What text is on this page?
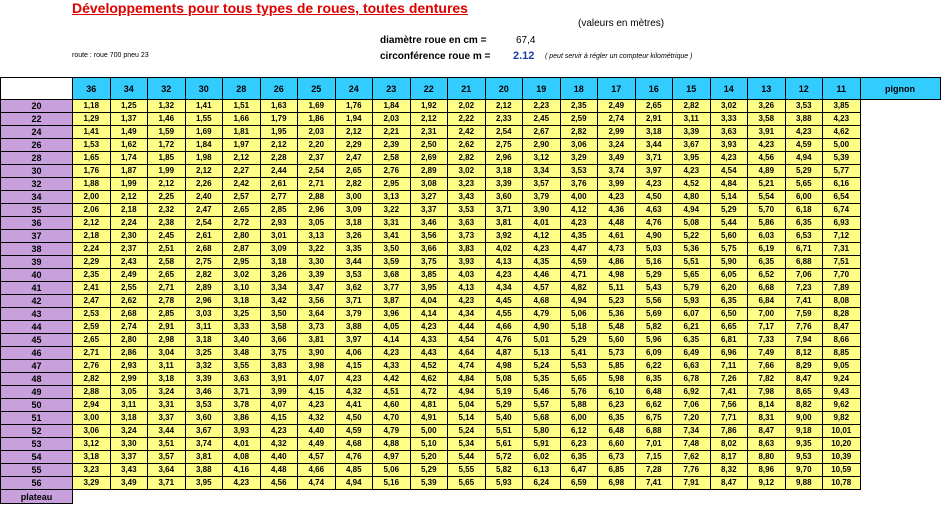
Développements pour tous types de roues, toutes dentures
(valeurs en mètres)
diamètre roue en cm =	67,4
route : roue 700 pneu 23	circonférence roue m = 2.12 ( peut servir à régler un compteur kilométrique )
	36	34	32	30	28	26	25	24	23	22	21	20	19	18	17	16	15	14	13	12	11	pignon
20	1,18	1,25	1,32	1,41	1,51	1,63	1,69	1,76	1,84	1,92	2,02	2,12	2,23	2,35	2,49	2,65	2,82	3,02	3,26	3,53	3,85	
22	1,29	1,37	1,46	1,55	1,66	1,79	1,86	1,94	2,03	2,12	2,22	2,33	2,45	2,59	2,74	2,91	3,11	3,33	3,58	3,88	4,23	
24	1,41	1,49	1,59	1,69	1,81	1,95	2,03	2,12	2,21	2,31	2,42	2,54	2,67	2,82	2,99	3,18	3,39	3,63	3,91	4,23	4,62	
26	1,53	1,62	1,72	1,84	1,97	2,12	2,20	2,29	2,39	2,50	2,62	2,75	2,90	3,06	3,24	3,44	3,67	3,93	4,23	4,59	5,00	
28	1,65	1,74	1,85	1,98	2,12	2,28	2,37	2,47	2,58	2,69	2,82	2,96	3,12	3,29	3,49	3,71	3,95	4,23	4,56	4,94	5,39	
30	1,76	1,87	1,99	2,12	2,27	2,44	2,54	2,65	2,76	2,89	3,02	3,18	3,34	3,53	3,74	3,97	4,23	4,54	4,89	5,29	5,77	
32	1,88	1,99	2,12	2,26	2,42	2,61	2,71	2,82	2,95	3,08	3,23	3,39	3,57	3,76	3,99	4,23	4,52	4,84	5,21	5,65	6,16	
34	2,00	2,12	2,25	2,40	2,57	2,77	2,88	3,00	3,13	3,27	3,43	3,60	3,79	4,00	4,23	4,50	4,80	5,14	5,54	6,00	6,54	
35	2,06	2,18	2,32	2,47	2,65	2,85	2,96	3,09	3,22	3,37	3,53	3,71	3,90	4,12	4,36	4,63	4,94	5,29	5,70	6,18	6,74	
36	2,12	2,24	2,38	2,54	2,72	2,93	3,05	3,18	3,31	3,46	3,63	3,81	4,01	4,23	4,48	4,76	5,08	5,44	5,86	6,35	6,93	
37	2,18	2,30	2,45	2,61	2,80	3,01	3,13	3,26	3,41	3,56	3,73	3,92	4,12	4,35	4,61	4,90	5,22	5,60	6,03	6,53	7,12	
38	2,24	2,37	2,51	2,68	2,87	3,09	3,22	3,35	3,50	3,66	3,83	4,02	4,23	4,47	4,73	5,03	5,36	5,75	6,19	6,71	7,31	
39	2,29	2,43	2,58	2,75	2,95	3,18	3,30	3,44	3,59	3,75	3,93	4,13	4,35	4,59	4,86	5,16	5,51	5,90	6,35	6,88	7,51	
40	2,35	2,49	2,65	2,82	3,02	3,26	3,39	3,53	3,68	3,85	4,03	4,23	4,46	4,71	4,98	5,29	5,65	6,05	6,52	7,06	7,70	
41	2,41	2,55	2,71	2,89	3,10	3,34	3,47	3,62	3,77	3,95	4,13	4,34	4,57	4,82	5,11	5,43	5,79	6,20	6,68	7,23	7,89	
42	2,47	2,62	2,78	2,96	3,18	3,42	3,56	3,71	3,87	4,04	4,23	4,45	4,68	4,94	5,23	5,56	5,93	6,35	6,84	7,41	8,08	
43	2,53	2,68	2,85	3,03	3,25	3,50	3,64	3,79	3,96	4,14	4,34	4,55	4,79	5,06	5,36	5,69	6,07	6,50	7,00	7,59	8,28	
44	2,59	2,74	2,91	3,11	3,33	3,58	3,73	3,88	4,05	4,23	4,44	4,66	4,90	5,18	5,48	5,82	6,21	6,65	7,17	7,76	8,47	
45	2,65	2,80	2,98	3,18	3,40	3,66	3,81	3,97	4,14	4,33	4,54	4,76	5,01	5,29	5,60	5,96	6,35	6,81	7,33	7,94	8,66	
46	2,71	2,86	3,04	3,25	3,48	3,75	3,90	4,06	4,23	4,43	4,64	4,87	5,13	5,41	5,73	6,09	6,49	6,96	7,49	8,12	8,85	
47	2,76	2,93	3,11	3,32	3,55	3,83	3,98	4,15	4,33	4,52	4,74	4,98	5,24	5,53	5,85	6,22	6,63	7,11	7,66	8,29	9,05	
48	2,82	2,99	3,18	3,39	3,63	3,91	4,07	4,23	4,42	4,62	4,84	5,08	5,35	5,65	5,98	6,35	6,78	7,26	7,82	8,47	9,24	
49	2,88	3,05	3,24	3,46	3,71	3,99	4,15	4,32	4,51	4,72	4,94	5,19	5,46	5,76	6,10	6,48	6,92	7,41	7,98	8,65	9,43	
50	2,94	3,11	3,31	3,53	3,78	4,07	4,23	4,41	4,60	4,81	5,04	5,29	5,57	5,88	6,23	6,62	7,06	7,56	8,14	8,82	9,62	
51	3,00	3,18	3,37	3,60	3,86	4,15	4,32	4,50	4,70	4,91	5,14	5,40	5,68	6,00	6,35	6,75	7,20	7,71	8,31	9,00	9,82	
52	3,06	3,24	3,44	3,67	3,93	4,23	4,40	4,59	4,79	5,00	5,24	5,51	5,80	6,12	6,48	6,88	7,34	7,86	8,47	9,18	10,01	
53	3,12	3,30	3,51	3,74	4,01	4,32	4,49	4,68	4,88	5,10	5,34	5,61	5,91	6,23	6,60	7,01	7,48	8,02	8,63	9,35	10,20	
54	3,18	3,37	3,57	3,81	4,08	4,40	4,57	4,76	4,97	5,20	5,44	5,72	6,02	6,35	6,73	7,15	7,62	8,17	8,80	9,53	10,39	
55	3,23	3,43	3,64	3,88	4,16	4,48	4,66	4,85	5,06	5,29	5,55	5,82	6,13	6,47	6,85	7,28	7,76	8,32	8,96	9,70	10,59	
56	3,29	3,49	3,71	3,95	4,23	4,56	4,74	4,94	5,16	5,39	5,65	5,93	6,24	6,59	6,98	7,41	7,91	8,47	9,12	9,88	10,78	
plateau																						
